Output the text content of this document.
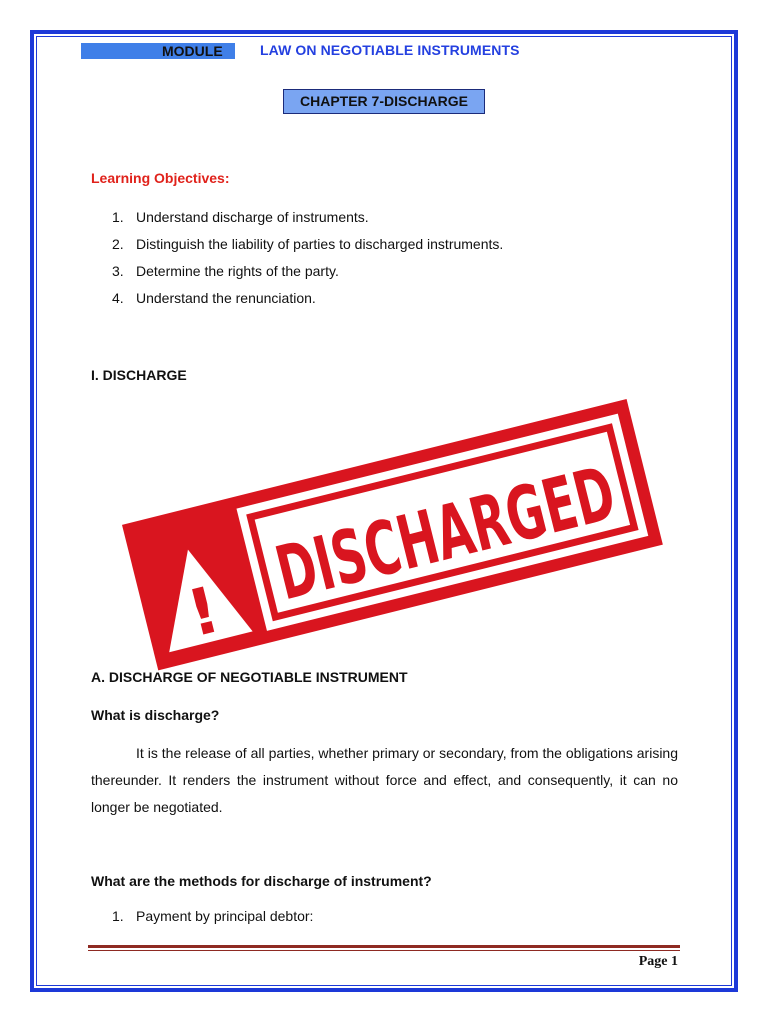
MODULE	LAW ON NEGOTIABLE INSTRUMENTS
CHAPTER 7-DISCHARGE
Learning Objectives:
1. Understand discharge of instruments.
2. Distinguish the liability of parties to discharged instruments.
3. Determine the rights of the party.
4. Understand the renunciation.
I. DISCHARGE
! DISCHARGED
A. DISCHARGE OF NEGOTIABLE INSTRUMENT
What is discharge?

It is the release of all parties, whether primary or secondary, from the obligations arising thereunder. It renders the instrument without force and effect, and consequently, it can no longer be negotiated.

What are the methods for discharge of instrument?
1. Payment by principal debtor:
Page 1
